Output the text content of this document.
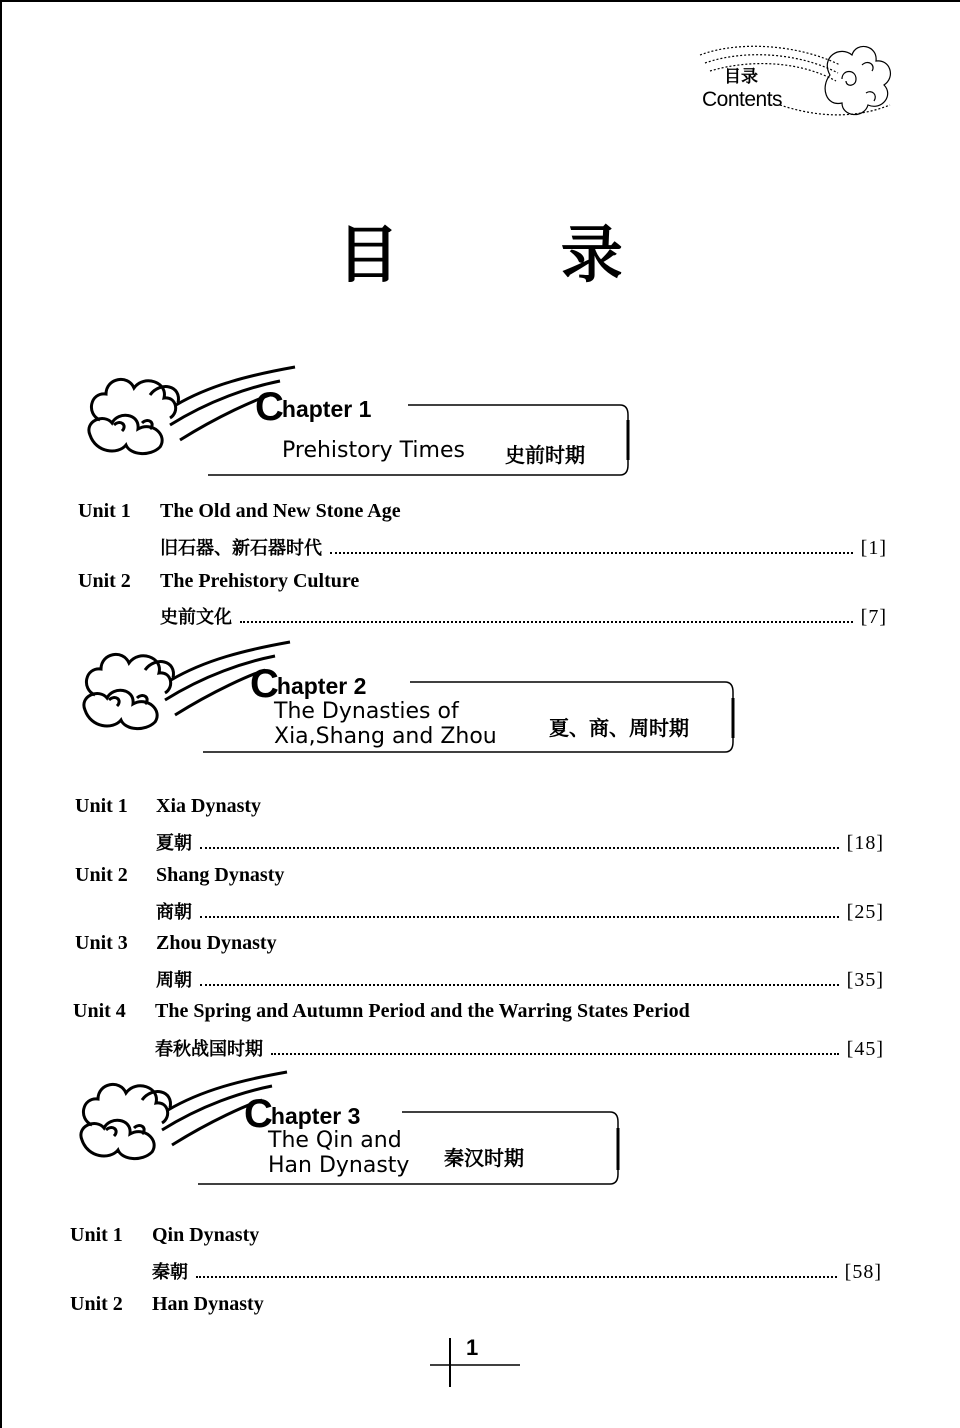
目录
Contents
目 录
Chapter 1
Prehistory Times 史前时期
Unit 1 The Old and New Stone Age
旧石器、新石器时代	[1]
Unit 2 The Prehistory Culture
史前文化	[7]
Chapter 2
The Dynasties of
Xia,Shang and Zhou	夏、商、周时期
Unit 1 Xia Dynasty
夏朝	[18]
Unit 2 Shang Dynasty
商朝	[25]
Unit 3 Zhou Dynasty
周朝	[35]
Unit 4 The Spring and Autumn Period and the Warring States Period
春秋战国时期	[45]
Chapter 3
The Qin and
Han Dynasty 秦汉时期
Unit 1 Qin Dynasty
秦朝	[58]
Unit 2 Han Dynasty
1
